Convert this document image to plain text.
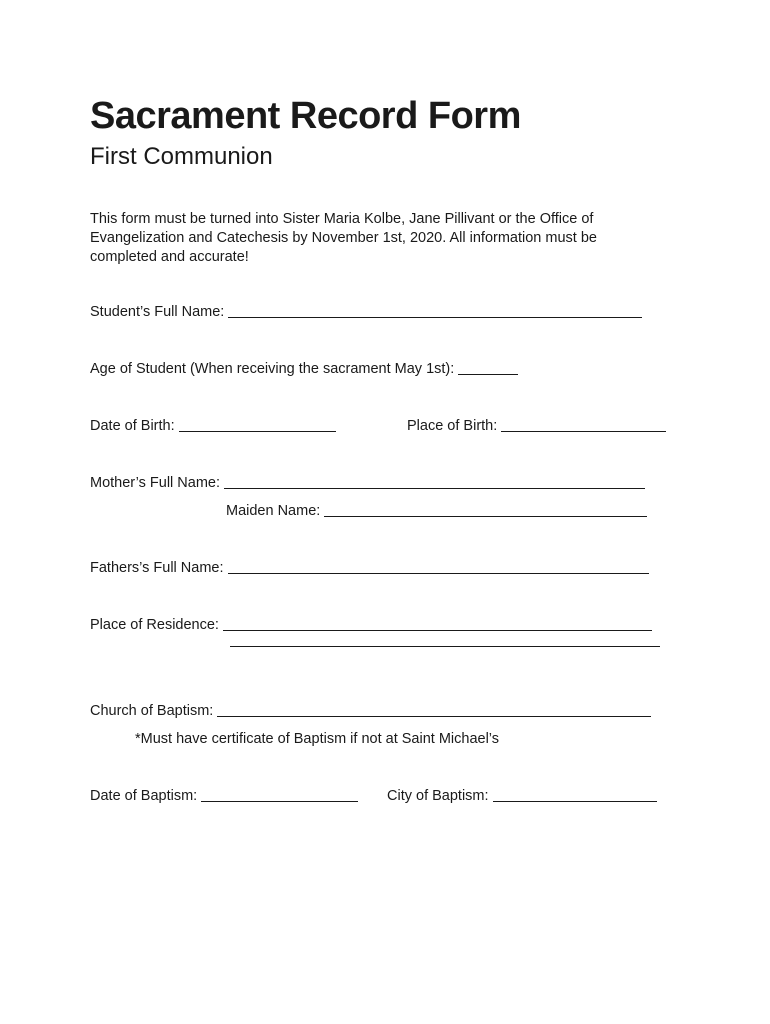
Sacrament Record Form
First Communion

This form must be turned into Sister Maria Kolbe, Jane Pillivant or the Office of Evangelization and Catechesis by November 1st, 2020. All information must be completed and accurate!

Student’s Full Name:
Age of Student (When receiving the sacrament May 1st):
Date of Birth:	Place of Birth:
Mother’s Full Name:
Maiden Name:
Fathers’s Full Name:
Place of Residence:
Church of Baptism:
*Must have certificate of Baptism if not at Saint Michael’s
Date of Baptism:	City of Baptism:
